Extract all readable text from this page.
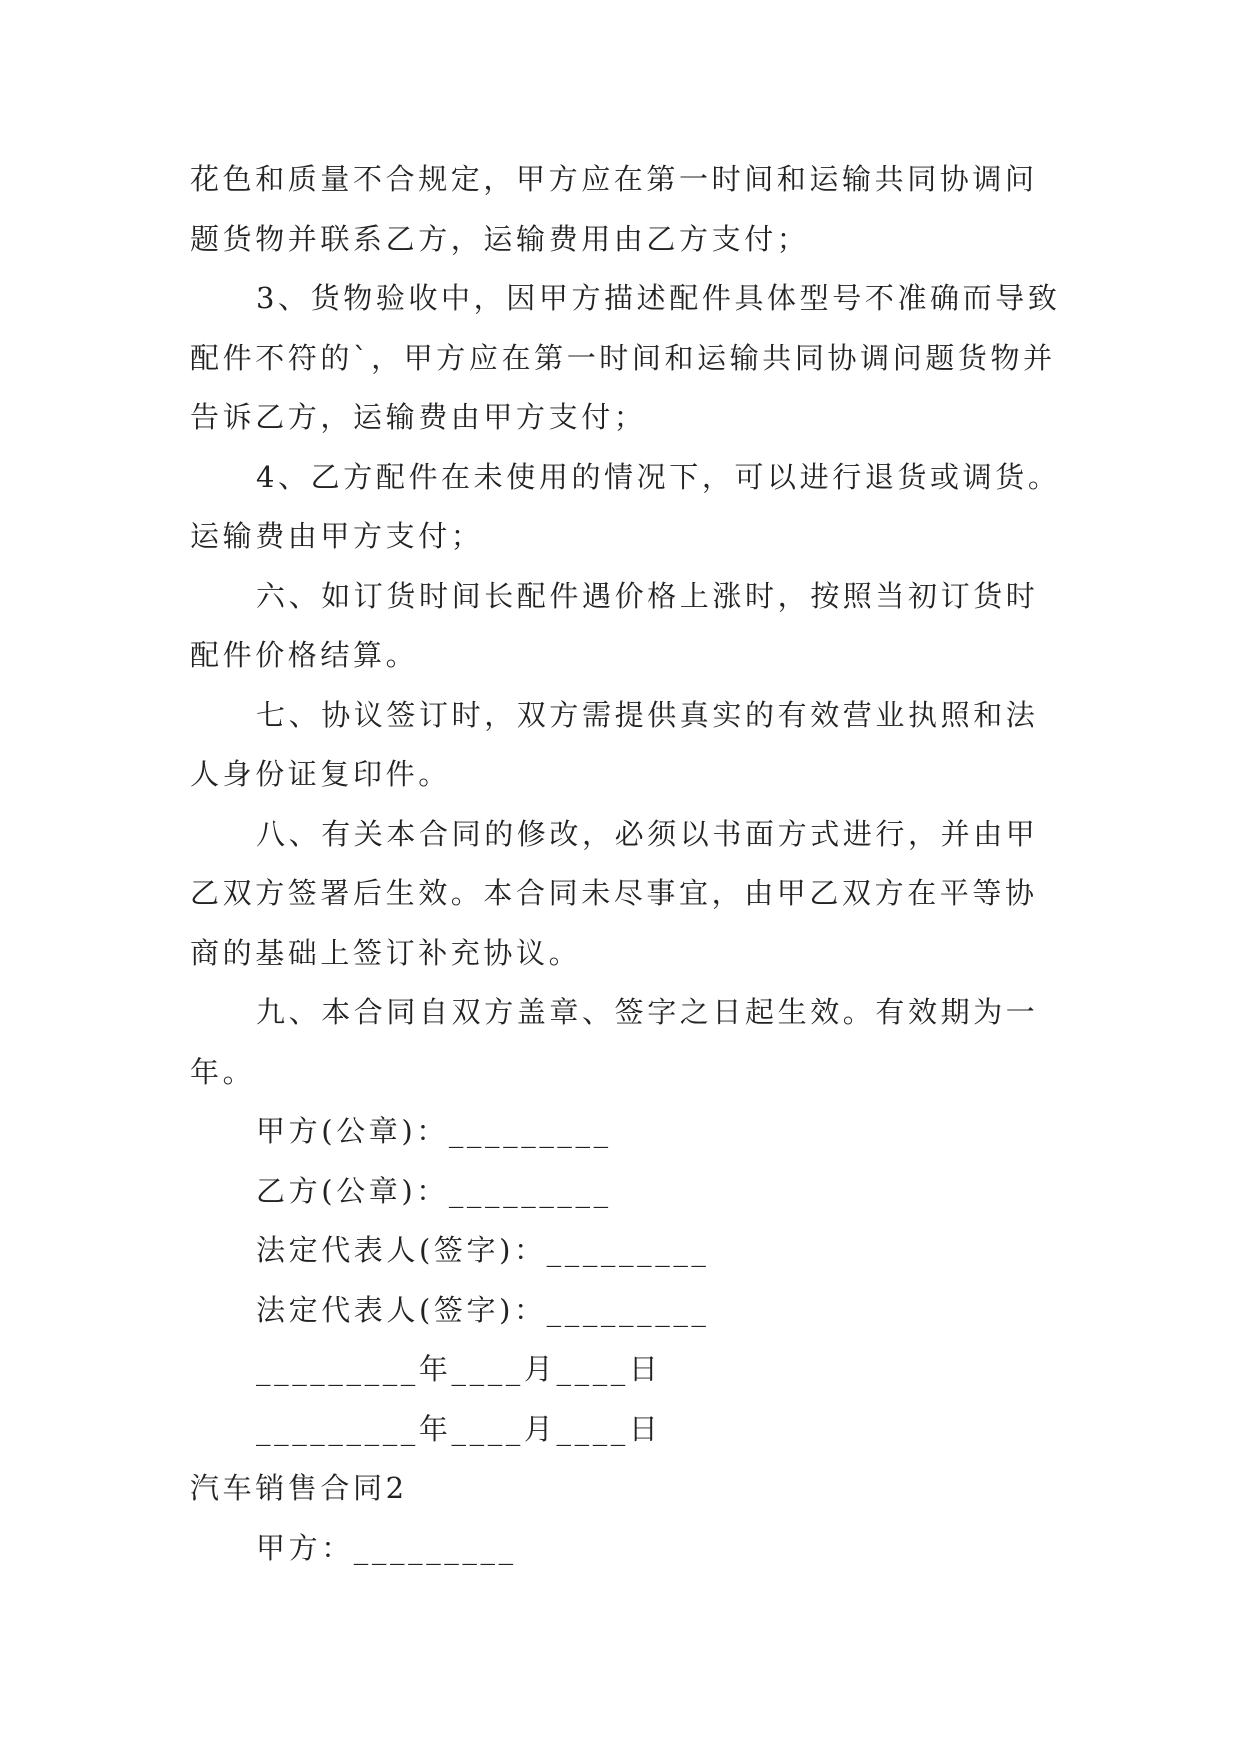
花色和质量不合规定，甲方应在第一时间和运输共同协调问题货物并联系乙方，运输费用由乙方支付；

3、货物验收中，因甲方描述配件具体型号不准确而导致配件不符的`，甲方应在第一时间和运输共同协调问题货物并告诉乙方，运输费由甲方支付；

4、乙方配件在未使用的情况下，可以进行退货或调货。运输费由甲方支付；

六、如订货时间长配件遇价格上涨时，按照当初订货时配件价格结算。

七、协议签订时，双方需提供真实的有效营业执照和法人身份证复印件。

八、有关本合同的修改，必须以书面方式进行，并由甲乙双方签署后生效。本合同未尽事宜，由甲乙双方在平等协商的基础上签订补充协议。

九、本合同自双方盖章、签字之日起生效。有效期为一年。

甲方(公章)：_________

乙方(公章)：_________

法定代表人(签字)：_________

法定代表人(签字)：_________

_________年____月____日

_________年____月____日

汽车销售合同2

甲方：_________
